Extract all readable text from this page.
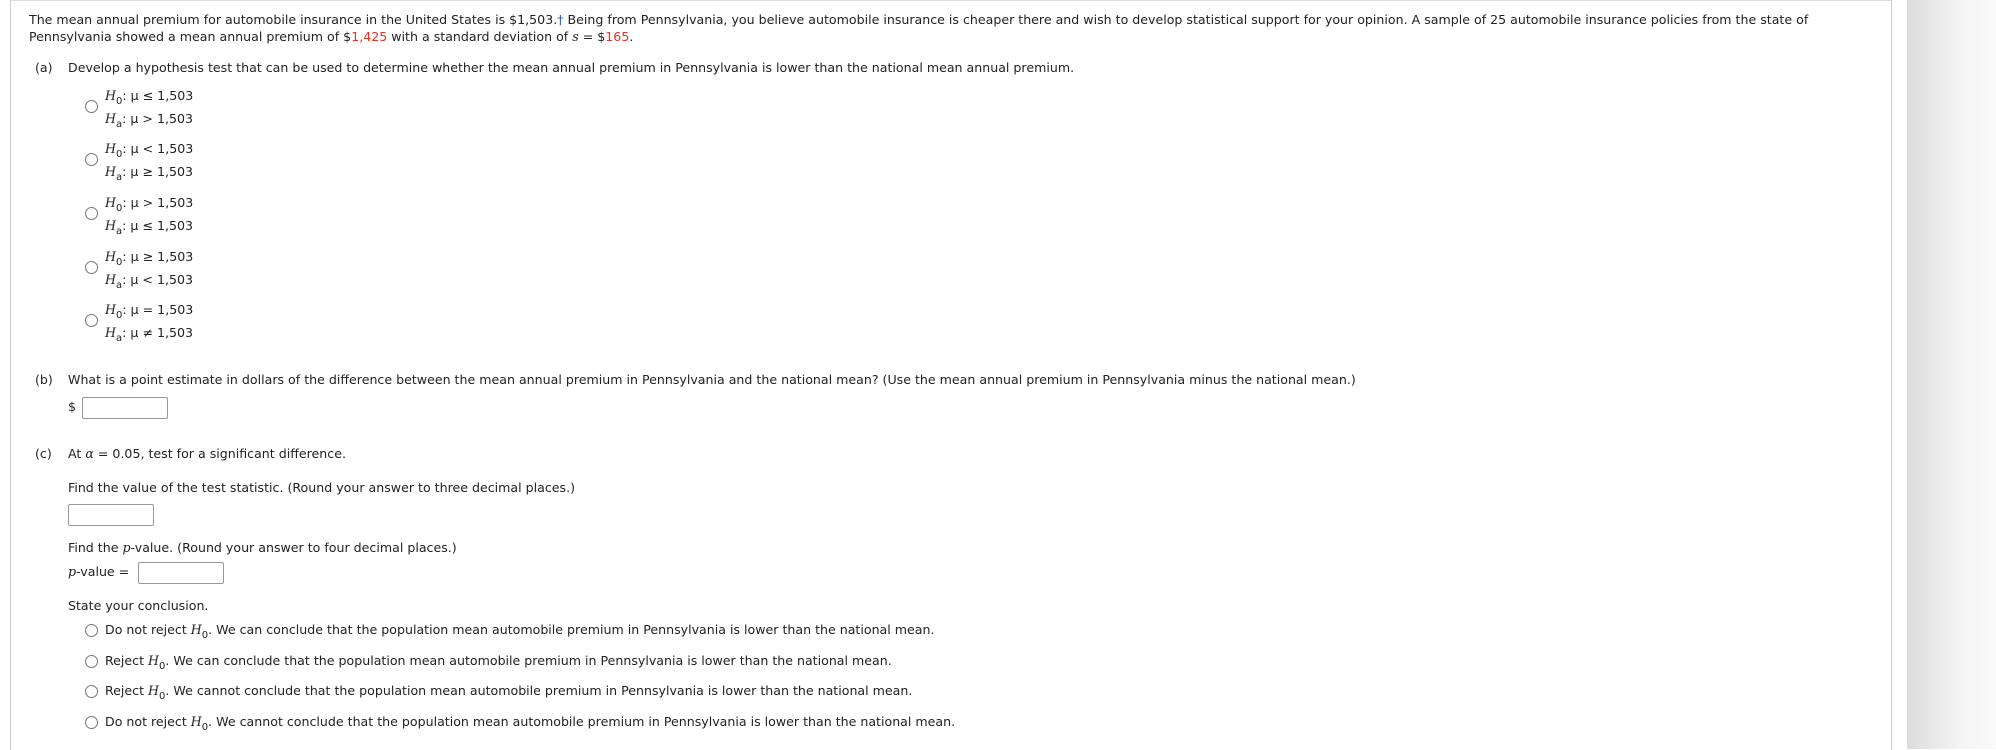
The mean annual premium for automobile insurance in the United States is $1,503.† Being from Pennsylvania, you believe automobile insurance is cheaper there and wish to develop statistical support for your opinion. A sample of 25 automobile insurance policies from the state of
Pennsylvania showed a mean annual premium of $1,425 with a standard deviation of s = $165.
(a) Develop a hypothesis test that can be used to determine whether the mean annual premium in Pennsylvania is lower than the national mean annual premium.
$H_0$: μ ≤ 1,503
$H_a$: μ > 1,503
$H_0$: μ < 1,503
$H_a$: μ ≥ 1,503
$H_0$: μ > 1,503
$H_a$: μ ≤ 1,503
$H_0$: μ ≥ 1,503
$H_a$: μ < 1,503
$H_0$: μ = 1,503
$H_a$: μ ≠ 1,503
(b) What is a point estimate in dollars of the difference between the mean annual premium in Pennsylvania and the national mean? (Use the mean annual premium in Pennsylvania minus the national mean.)
$
(c) At α = 0.05, test for a significant difference.
Find the value of the test statistic. (Round your answer to three decimal places.)
Find the p-value. (Round your answer to four decimal places.)
p-value =
State your conclusion.
Do not reject $H_0$. We can conclude that the population mean automobile premium in Pennsylvania is lower than the national mean.
Reject $H_0$. We can conclude that the population mean automobile premium in Pennsylvania is lower than the national mean.
Reject $H_0$. We cannot conclude that the population mean automobile premium in Pennsylvania is lower than the national mean.
Do not reject $H_0$. We cannot conclude that the population mean automobile premium in Pennsylvania is lower than the national mean.
